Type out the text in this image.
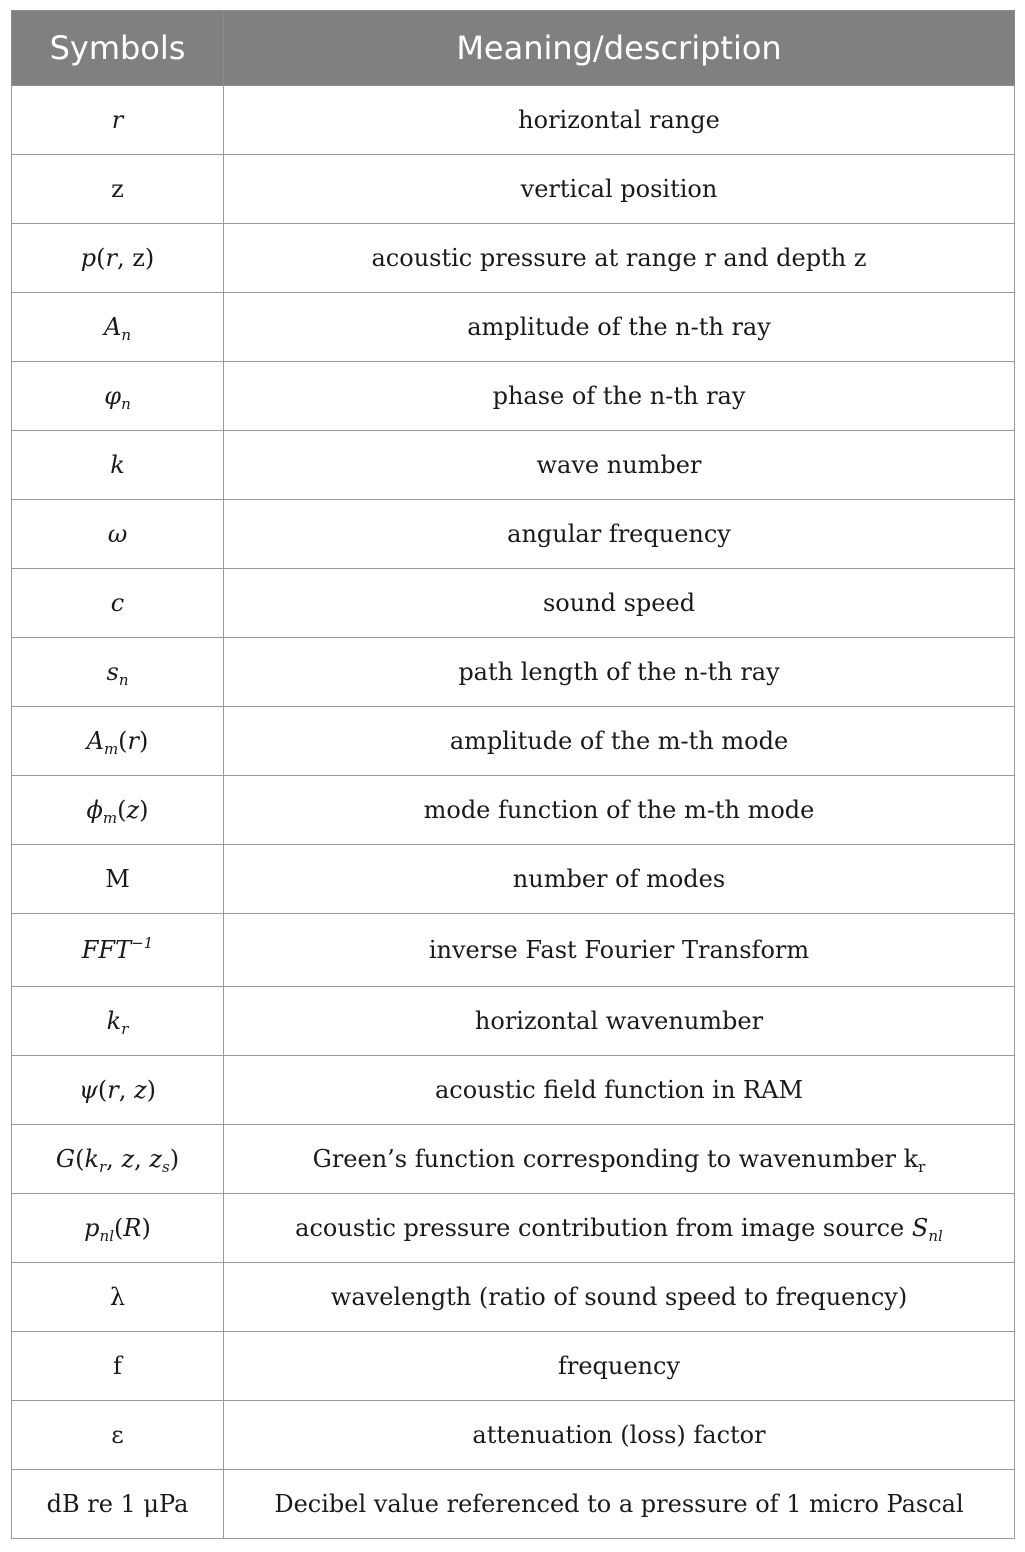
Symbols	Meaning/description
r	horizontal range
z	vertical position
p(r, z)	acoustic pressure at range r and depth z
$A_n$	amplitude of the n-th ray
$\varphi_n$	phase of the n-th ray
k	wave number
ω	angular frequency
c	sound speed
$s_n$	path length of the n-th ray
$A_m(r)$	amplitude of the m-th mode
$\phi_m(z)$	mode function of the m-th mode
M	number of modes
$FFT^{-1}$	inverse Fast Fourier Transform
$k_r$	horizontal wavenumber
ψ(r, z)	acoustic field function in RAM
$G(k_r$, z, $z_s$)	Green’s function corresponding to wavenumber $k_r$
$p_{nl}(R)$	acoustic pressure contribution from image source $S_{nl}$
λ	wavelength (ratio of sound speed to frequency)
f	frequency
ε	attenuation (loss) factor
dB re 1 μPa	Decibel value referenced to a pressure of 1 micro Pascal
